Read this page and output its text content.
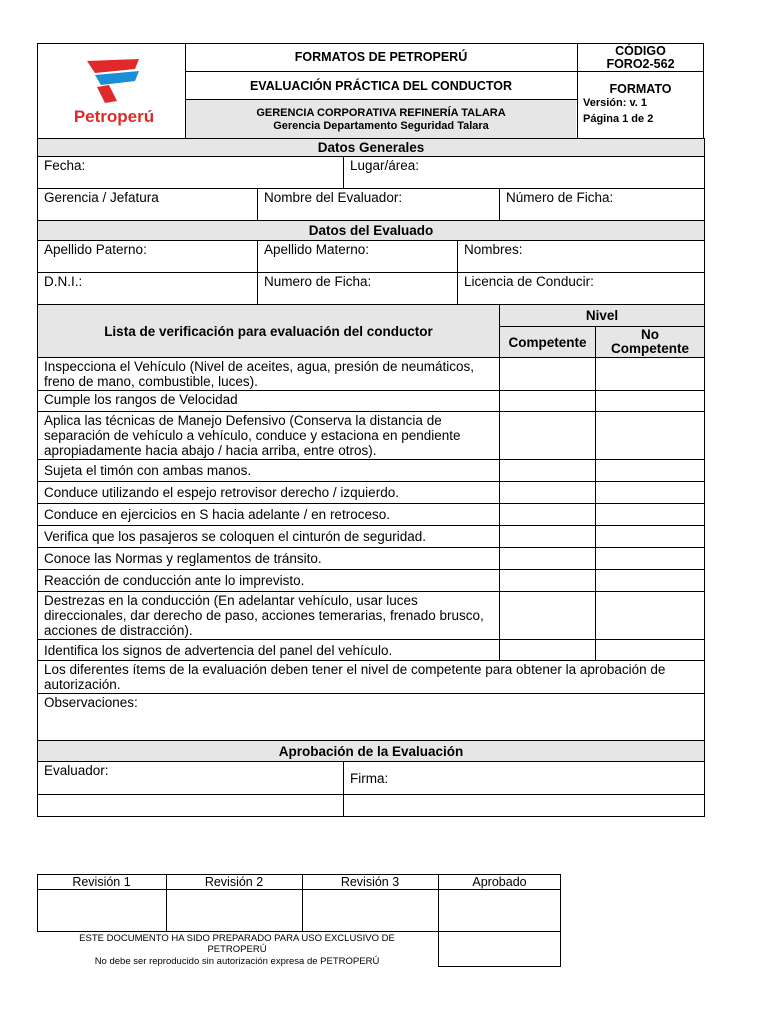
Petroperú
FORMATOS DE PETROPERÚ
EVALUACIÓN PRÁCTICA DEL CONDUCTOR
GERENCIA CORPORATIVA REFINERÍA TALARA
Gerencia Departamento Seguridad Talara
CÓDIGO
FORO2-562
FORMATO
Versión: v. 1
Página 1 de 2
Datos Generales					
Fecha:		Lugar/área:			
Gerencia / Jefatura	Nombre del Evaluador:			Número de Ficha:	
Datos del Evaluado					
Apellido Paterno:	Apellido Materno:		Nombres:		
D.N.I.:	Numero de Ficha:		Licencia de Conducir:		
Lista de verificación para evaluación del conductor				Nivel	
				Competente	No Competente
Inspecciona el Vehículo (Nivel de aceites, agua, presión de neumáticos, freno de mano, combustible, luces).					
Cumple los rangos de Velocidad					
Aplica las técnicas de Manejo Defensivo (Conserva la distancia de separación de vehículo a vehículo, conduce y estaciona en pendiente apropiadamente hacia abajo / hacia arriba, entre otros).					
Sujeta el timón con ambas manos.					
Conduce utilizando el espejo retrovisor derecho / izquierdo.					
Conduce en ejercicios en S hacia adelante / en retroceso.					
Verifica que los pasajeros se coloquen el cinturón de seguridad.					
Conoce las Normas y reglamentos de tránsito.					
Reacción de conducción ante lo imprevisto.					
Destrezas en la conducción (En adelantar vehículo, usar luces direccionales, dar derecho de paso, acciones temerarias, frenado brusco, acciones de distracción).					
Identifica los signos de advertencia del panel del vehículo.					
Los diferentes ítems de la evaluación deben tener el nivel de competente para obtener la aprobación de autorización.					
Observaciones:					
Aprobación de la Evaluación					
Evaluador:		Firma:			

Revisión 1	Revisión 2	Revisión 3	Aprobado
ESTE DOCUMENTO HA SIDO PREPARADO PARA USO EXCLUSIVO DE PETROPERÚ
No debe ser reproducido sin autorización expresa de PETROPERÚ
